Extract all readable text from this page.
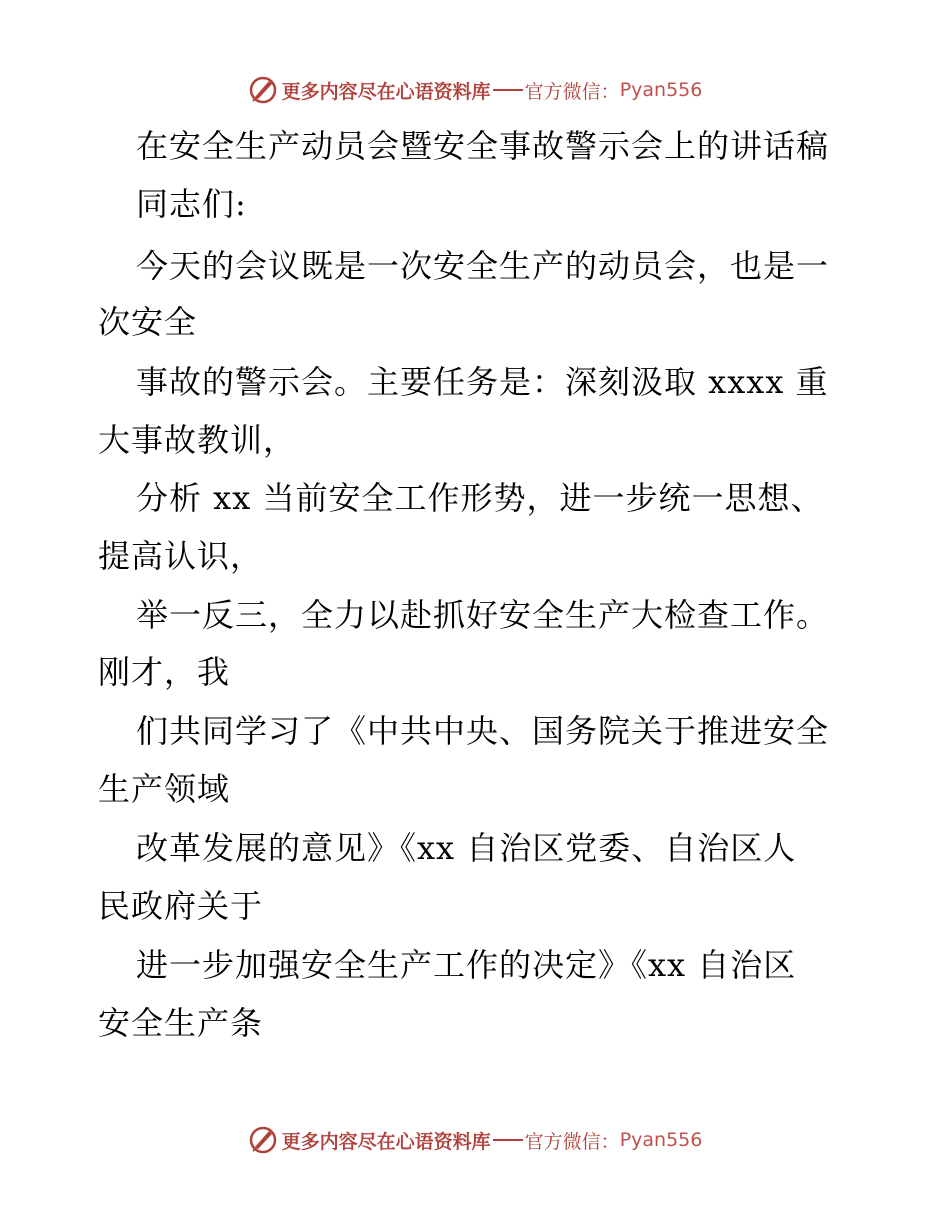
更多内容尽在心语资料库 官方微信： Pyan556
在安全生产动员会暨安全事故警示会上的讲话稿
同志们:
今天的会议既是一次安全生产的动员会，也是一
次安全
事故的警示会。主要任务是：深刻汲取 xxxx 重
大事故教训，
分析 xx 当前安全工作形势，进一步统一思想、
提高认识，
举一反三，全力以赴抓好安全生产大检查工作。
刚才，我
们共同学习了《中共中央、国务院关于推进安全
生产领域
改革发展的意见》《xx 自治区党委、自治区人
民政府关于
进一步加强安全生产工作的决定》《xx 自治区
安全生产条
更多内容尽在心语资料库 官方微信： Pyan556
